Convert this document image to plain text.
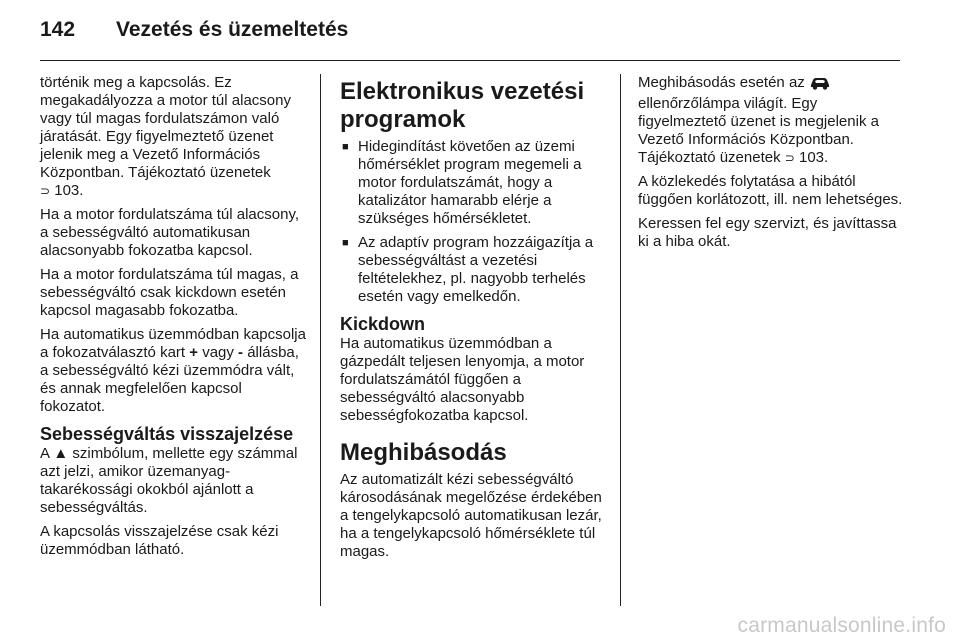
142	Vezetés és üzemeltetés

történik meg a kapcsolás. Ez megakadályozza a motor túl alacsony vagy túl magas fordulatszámon való járatását. Egy figyelmeztető üzenet jelenik meg a Vezető Információs Központban. Tájékoztató üzenetek
⊃ 103.

Ha a motor fordulatszáma túl alacsony, a sebességváltó automatikusan alacsonyabb fokozatba kapcsol.

Ha a motor fordulatszáma túl magas, a sebességváltó csak kickdown esetén kapcsol magasabb fokozatba.

Ha automatikus üzemmódban kapcsolja a fokozatválasztó kart + vagy - állásba, a sebességváltó kézi üzemmódra vált, és annak megfelelően kapcsol fokozatot.

Sebességváltás visszajelzése

A ▲ szimbólum, mellette egy számmal azt jelzi, amikor üzemanyag-takarékossági okokból ajánlott a sebességváltás.

A kapcsolás visszajelzése csak kézi üzemmódban látható.

Elektronikus vezetési programok
■ Hidegindítást követően az üzemi hőmérséklet program megemeli a motor fordulatszámát, hogy a katalizátor hamarabb elérje a szükséges hőmérsékletet.
■ Az adaptív program hozzáigazítja a sebességváltást a vezetési feltételekhez, pl. nagyobb terhelés esetén vagy emelkedőn.
Kickdown

Ha automatikus üzemmódban a gázpedált teljesen lenyomja, a motor fordulatszámától függően a sebességváltó alacsonyabb sebességfokozatba kapcsol.

Meghibásodás

Az automatizált kézi sebességváltó károsodásának megelőzése érdekében a tengelykapcsoló automatikusan lezár, ha a tengelykapcsoló hőmérséklete túl magas.

Meghibásodás esetén az
ellenőrzőlámpa világít. Egy figyelmeztető üzenet is megjelenik a Vezető Információs Központban. Tájékoztató üzenetek ⊃ 103.

A közlekedés folytatása a hibától függően korlátozott, ill. nem lehetséges.

Keressen fel egy szervizt, és javíttassa ki a hiba okát.

carmanualsonline.info
